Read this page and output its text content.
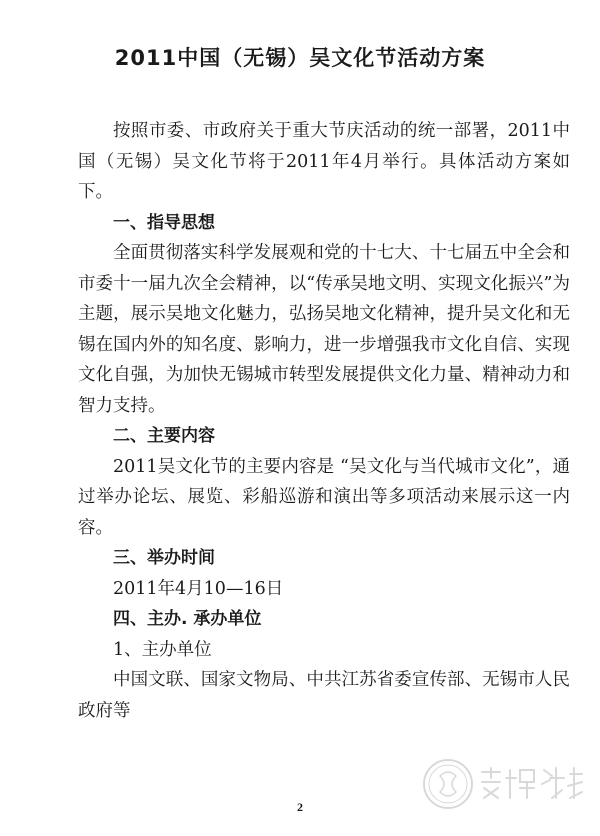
2011中国（无锡）吴文化节活动方案

按照市委、市政府关于重大节庆活动的统一部署，2011中国（无锡）吴文化节将于2011年4月举行。具体活动方案如下。

一、指导思想

全面贯彻落实科学发展观和党的十七大、十七届五中全会和市委十一届九次全会精神，以“传承吴地文明、实现文化振兴”为主题，展示吴地文化魅力，弘扬吴地文化精神，提升吴文化和无锡在国内外的知名度、影响力，进一步增强我市文化自信、实现文化自强，为加快无锡城市转型发展提供文化力量、精神动力和智力支持。

二、主要内容

2011吴文化节的主要内容是 “吴文化与当代城市文化”，通过举办论坛、展览、彩船巡游和演出等多项活动来展示这一内容。

三、举办时间

2011年4月10—16日

四、主办. 承办单位

1、主办单位

中国文联、国家文物局、中共江苏省委宣传部、无锡市人民政府等

2
